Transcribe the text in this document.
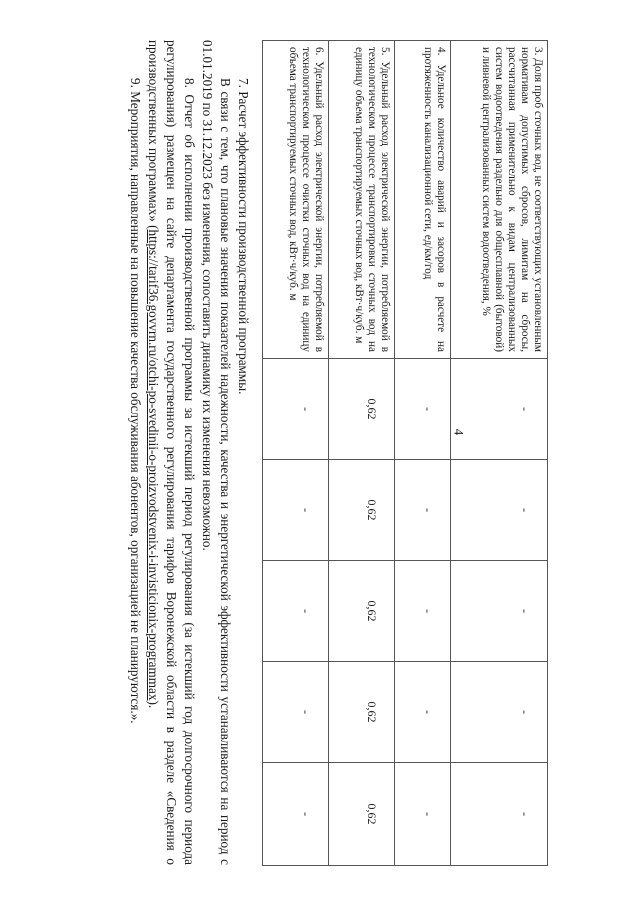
4
3. Доля проб сточных вод, не соответствующих установленным нормативам допустимых сбросов, лимитам на сбросы, рассчитанная применительно к видам централизованных систем водоотведения раздельно для общесплавной (бытовой) и ливневой централизованных систем водоотведения, %	-	-	-	-	-
4. Удельное количество аварий и засоров в расчете на протяженность канализационной сети, ед/км/год	-	-	-	-	-
5. Удельный расход электрической энергии, потребляемой в технологическом процессе транспортировки сточных вод на единицу объема транспортируемых сточных вод, кВт·ч/куб. м	0,62	0,62	0,62	0,62	0,62
6. Удельный расход электрической энергии, потребляемой в технологическом процессе очистки сточных вод на единицу объема транспортируемых сточных вод, кВт·ч/куб. м	-	-	-	-	-

7. Расчет эффективности производственной программы.

В связи с тем, что плановые значения показателей надежности, качества и энергетической эффективности устанавливаются на период с 01.01.2019 по 31.12.2023 без изменения, сопоставить динамику их изменения невозможно.

8. Отчет об исполнении производственной программы за истекший период регулирования (за истекший год долгосрочного периода регулирования) размещен на сайте департамента государственного регулирования тарифов Воронежской области в разделе «Сведения о производственных программах» (https://tarif36.govvrn.ru/otchi-po-svedinii-o-proizvodstvenix-i-invisticionix-programmax).

9. Мероприятия, направленные на повышение качества обслуживания абонентов, организацией не планируются.».
